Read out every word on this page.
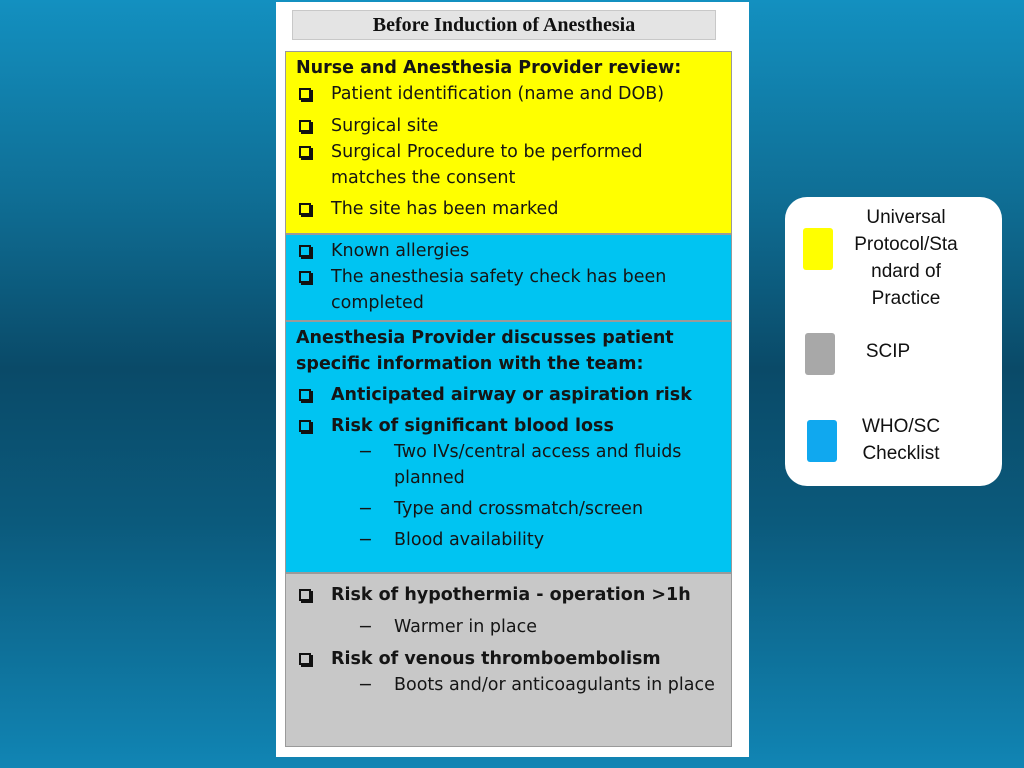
Before Induction of Anesthesia
Nurse and Anesthesia Provider review:
Patient identification (name and DOB)
Surgical site
Surgical Procedure to be performed matches the consent
The site has been marked
Known allergies
The anesthesia safety check has been completed
Anesthesia Provider discusses patient specific information with the team:
Anticipated airway or aspiration risk
Risk of significant blood loss
−	Two IVs/central access and fluids planned
−	Type and crossmatch/screen
−	Blood availability
Risk of hypothermia - operation >1h
−	Warmer in place
Risk of venous thromboembolism
−	Boots and/or anticoagulants in place
Universal Protocol/Sta ndard of Practice
SCIP
WHO/SC Checklist
